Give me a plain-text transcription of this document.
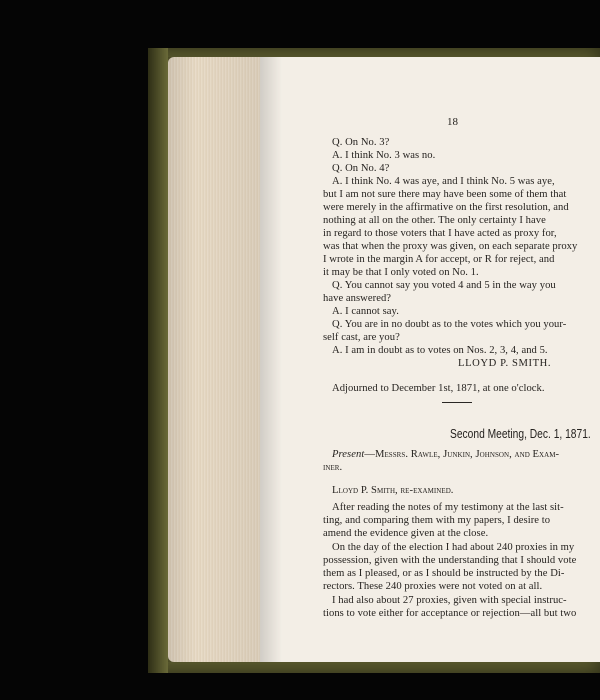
18
Q. On No. 3?
A. I think No. 3 was no.
Q. On No. 4?
A. I think No. 4 was aye, and I think No. 5 was aye,
but I am not sure there may have been some of them that
were merely in the affirmative on the first resolution, and
nothing at all on the other. The only certainty I have
in regard to those voters that I have acted as proxy for,
was that when the proxy was given, on each separate proxy
I wrote in the margin A for accept, or R for reject, and
it may be that I only voted on No. 1.
Q. You cannot say you voted 4 and 5 in the way you
have answered?
A. I cannot say.
Q. You are in no doubt as to the votes which you your-
self cast, are you?
A. I am in doubt as to votes on Nos. 2, 3, 4, and 5.
LLOYD P. SMITH.
Adjourned to December 1st, 1871, at one o'clock.
Second Meeting, Dec. 1, 1871.
Present—Messrs. Rawle, Junkin, Johnson, and Exam-
iner.
Lloyd P. Smith, re-examined.
After reading the notes of my testimony at the last sit-
ting, and comparing them with my papers, I desire to
amend the evidence given at the close.
On the day of the election I had about 240 proxies in my
possession, given with the understanding that I should vote
them as I pleased, or as I should be instructed by the Di-
rectors. These 240 proxies were not voted on at all.
I had also about 27 proxies, given with special instruc-
tions to vote either for acceptance or rejection—all but two
